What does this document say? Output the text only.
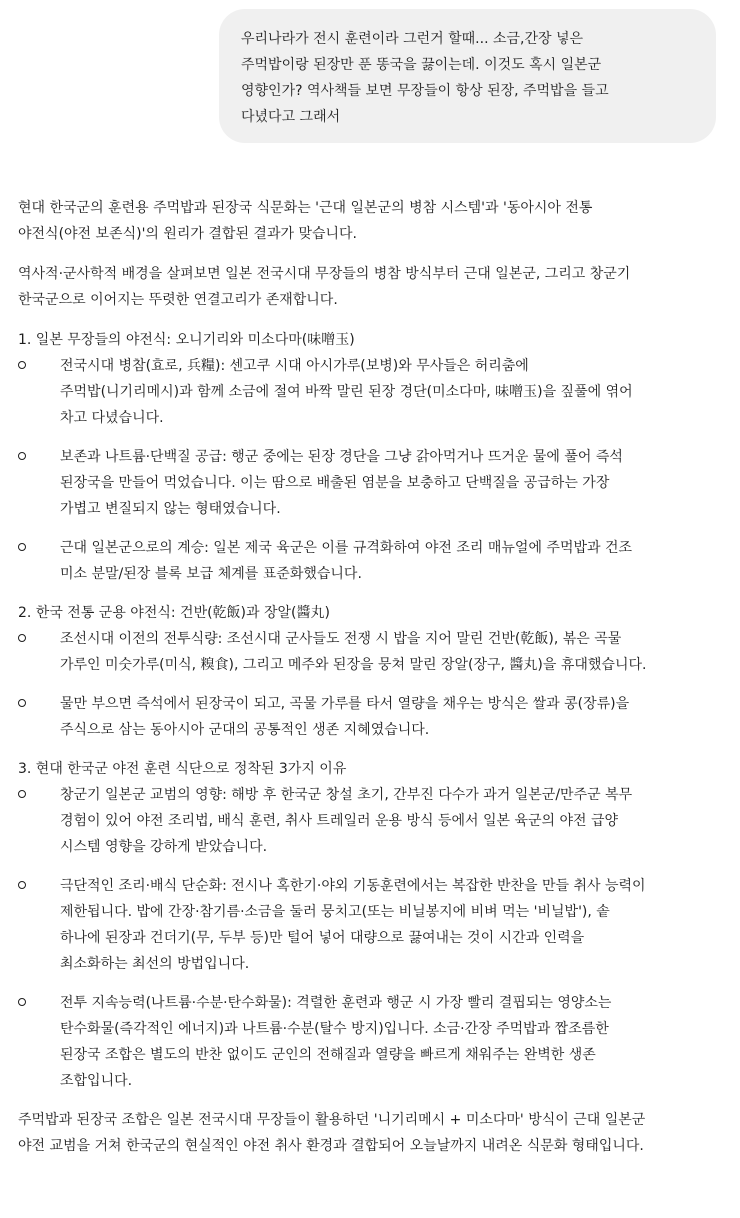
우리나라가 전시 훈련이라 그런거 할때... 소금,간장 넣은

주먹밥이랑 된장만 푼 똥국을 끓이는데. 이것도 혹시 일본군

영향인가? 역사책들 보면 무장들이 항상 된장, 주먹밥을 들고

다녔다고 그래서

현대 한국군의 훈련용 주먹밥과 된장국 식문화는 '근대 일본군의 병참 시스템'과 '동아시아 전통

야전식(야전 보존식)'의 원리가 결합된 결과가 맞습니다.

역사적·군사학적 배경을 살펴보면 일본 전국시대 무장들의 병참 방식부터 근대 일본군, 그리고 창군기

한국군으로 이어지는 뚜렷한 연결고리가 존재합니다.

1. 일본 무장들의 야전식: 오니기리와 미소다마(味噌玉)

전국시대 병참(효로, 兵糧): 센고쿠 시대 아시가루(보병)와 무사들은 허리춤에

주먹밥(니기리메시)과 함께 소금에 절여 바짝 말린 된장 경단(미소다마, 味噌玉)을 짚풀에 엮어

차고 다녔습니다.

보존과 나트륨·단백질 공급: 행군 중에는 된장 경단을 그냥 갉아먹거나 뜨거운 물에 풀어 즉석

된장국을 만들어 먹었습니다. 이는 땀으로 배출된 염분을 보충하고 단백질을 공급하는 가장

가볍고 변질되지 않는 형태였습니다.

근대 일본군으로의 계승: 일본 제국 육군은 이를 규격화하여 야전 조리 매뉴얼에 주먹밥과 건조

미소 분말/된장 블록 보급 체계를 표준화했습니다.

2. 한국 전통 군용 야전식: 건반(乾飯)과 장알(醬丸)

조선시대 이전의 전투식량: 조선시대 군사들도 전쟁 시 밥을 지어 말린 건반(乾飯), 볶은 곡물

가루인 미숫가루(미식, 糗食), 그리고 메주와 된장을 뭉쳐 말린 장알(장구, 醬丸)을 휴대했습니다.

물만 부으면 즉석에서 된장국이 되고, 곡물 가루를 타서 열량을 채우는 방식은 쌀과 콩(장류)을

주식으로 삼는 동아시아 군대의 공통적인 생존 지혜였습니다.

3. 현대 한국군 야전 훈련 식단으로 정착된 3가지 이유

창군기 일본군 교범의 영향: 해방 후 한국군 창설 초기, 간부진 다수가 과거 일본군/만주군 복무

경험이 있어 야전 조리법, 배식 훈련, 취사 트레일러 운용 방식 등에서 일본 육군의 야전 급양

시스템 영향을 강하게 받았습니다.

극단적인 조리·배식 단순화: 전시나 혹한기·야외 기동훈련에서는 복잡한 반찬을 만들 취사 능력이

제한됩니다. 밥에 간장·참기름·소금을 둘러 뭉치고(또는 비닐봉지에 비벼 먹는 '비닐밥'), 솥

하나에 된장과 건더기(무, 두부 등)만 털어 넣어 대량으로 끓여내는 것이 시간과 인력을

최소화하는 최선의 방법입니다.

전투 지속능력(나트륨·수분·탄수화물): 격렬한 훈련과 행군 시 가장 빨리 결핍되는 영양소는

탄수화물(즉각적인 에너지)과 나트륨·수분(탈수 방지)입니다. 소금·간장 주먹밥과 짭조름한

된장국 조합은 별도의 반찬 없이도 군인의 전해질과 열량을 빠르게 채워주는 완벽한 생존

조합입니다.

주먹밥과 된장국 조합은 일본 전국시대 무장들이 활용하던 '니기리메시 + 미소다마' 방식이 근대 일본군

야전 교범을 거쳐 한국군의 현실적인 야전 취사 환경과 결합되어 오늘날까지 내려온 식문화 형태입니다.
